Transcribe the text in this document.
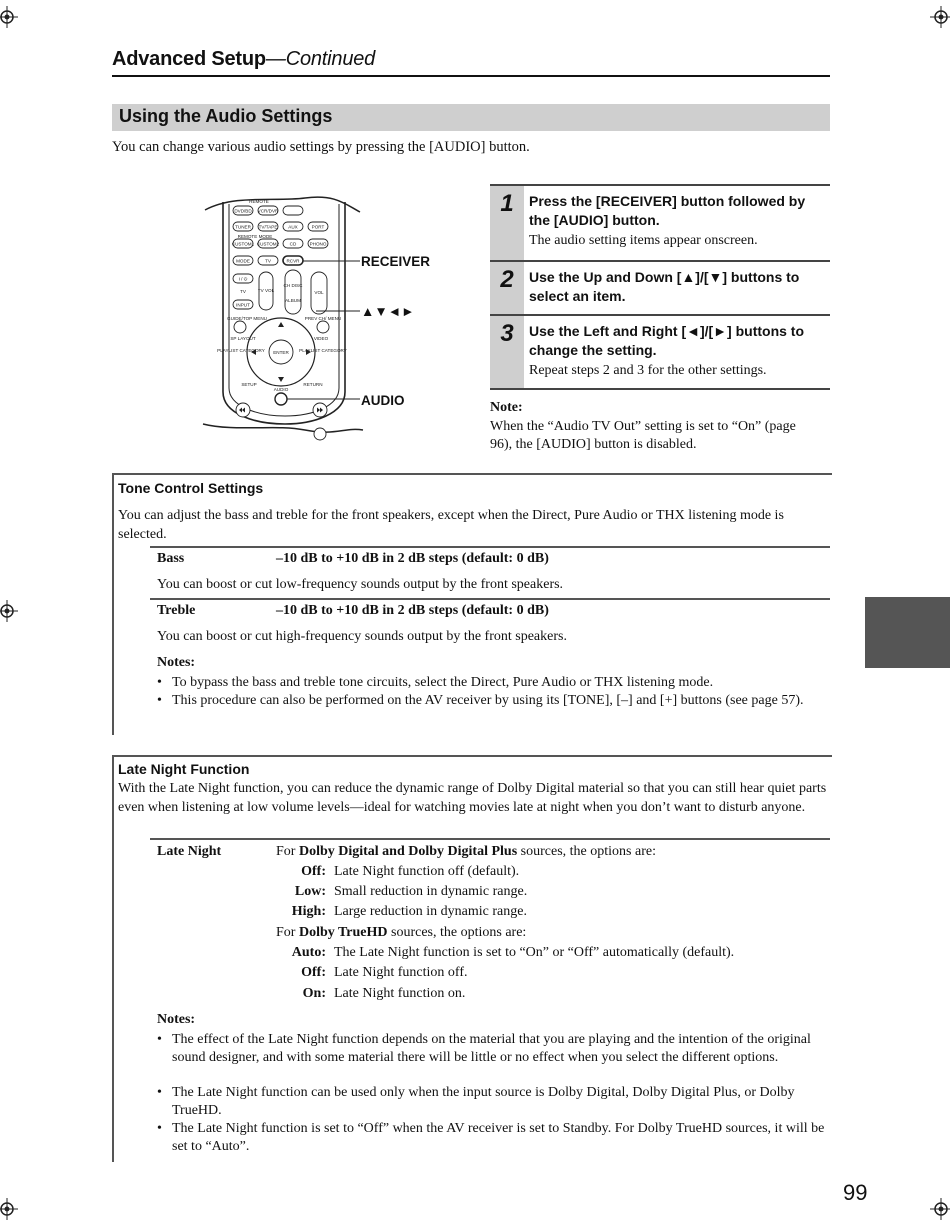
Advanced Setup—Continued
Using the Audio Settings
You can change various audio settings by pressing the [AUDIO] button.
REMOTE
DVD/BD VCR/DVR
TUNER TV/TAPE AUX	PORT
REMOTE MODE
CUSTOM1 CUSTOM2 CD	PHONO
MODE	TV	RCVR
I / ⏻
TV	TV VOL
CH DISC
ALBUM
VOL
INPUT
GUIDE/TOP MENU	PREV CH/ MENU
ENTER
SP LAYOUT	VIDEO
PLAYLIST CATEGORY	PLAYLIST CATEGORY
SETUP
AUDIO
RETURN
RECEIVER
▲▼◄►
AUDIO
1	Press the [RECEIVER] button followed by the [AUDIO] button.
The audio setting items appear onscreen.
2	Use the Up and Down [▲]/[▼] buttons to select an item.
3	Use the Left and Right [◄]/[►] buttons to change the setting.
Repeat steps 2 and 3 for the other settings.
Note:
When the “Audio TV Out” setting is set to “On” (page 96), the [AUDIO] button is disabled.
Tone Control Settings
You can adjust the bass and treble for the front speakers, except when the Direct, Pure Audio or THX listening mode is selected.
Bass	–10 dB to +10 dB in 2 dB steps (default: 0 dB)
You can boost or cut low-frequency sounds output by the front speakers.
Treble	–10 dB to +10 dB in 2 dB steps (default: 0 dB)
You can boost or cut high-frequency sounds output by the front speakers.
Notes:
• To bypass the bass and treble tone circuits, select the Direct, Pure Audio or THX listening mode.
• This procedure can also be performed on the AV receiver by using its [TONE], [–] and [+] buttons (see page 57).
Late Night Function
With the Late Night function, you can reduce the dynamic range of Dolby Digital material so that you can still hear quiet parts even when listening at low volume levels—ideal for watching movies late at night when you don’t want to disturb anyone.
Late Night	For Dolby Digital and Dolby Digital Plus sources, the options are:
Off: Late Night function off (default).
Low: Small reduction in dynamic range.
High: Large reduction in dynamic range.
For Dolby TrueHD sources, the options are:
Auto: The Late Night function is set to “On” or “Off” automatically (default).
Off: Late Night function off.
On: Late Night function on.
Notes:
• The effect of the Late Night function depends on the material that you are playing and the intention of the original sound designer, and with some material there will be little or no effect when you select the different options.
• The Late Night function can be used only when the input source is Dolby Digital, Dolby Digital Plus, or Dolby TrueHD.
• The Late Night function is set to “Off” when the AV receiver is set to Standby. For Dolby TrueHD sources, it will be set to “Auto”.
99
